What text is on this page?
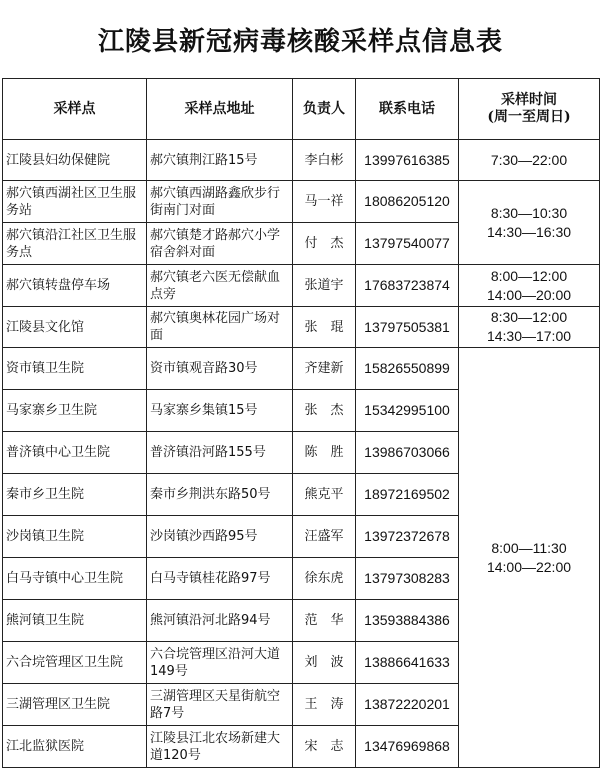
江陵县新冠病毒核酸采样点信息表
采样点	采样点地址	负责人	联系电话	采样时间
(周一至周日)

江陵县妇幼保健院	郝穴镇荆江路15号	李白彬	13997616385	7:30—22:00

郝穴镇西湖社区卫生服务站	郝穴镇西湖路鑫欣步行街南门对面	马一祥	18086205120	8:30—10:30
14:30—16:30

郝穴镇沿江社区卫生服务点	郝穴镇楚才路郝穴小学宿舍斜对面	付　杰	13797540077	
郝穴镇转盘停车场	郝穴镇老六医无偿献血点旁	张道宇	17683723874	8:00—12:00
14:00—20:00

江陵县文化馆	郝穴镇奥林花园广场对面	张　琨	13797505381	8:30—12:00
14:30—17:00

资市镇卫生院	资市镇观音路30号	齐建新	15826550899	8:00—11:30
14:00—22:00

马家寨乡卫生院	马家寨乡集镇15号	张　杰	15342995100	
普济镇中心卫生院	普济镇沿河路155号	陈　胜	13986703066	
秦市乡卫生院	秦市乡荆洪东路50号	熊克平	18972169502	
沙岗镇卫生院	沙岗镇沙西路95号	汪盛军	13972372678	
白马寺镇中心卫生院	白马寺镇桂花路97号	徐东虎	13797308283	
熊河镇卫生院	熊河镇沿河北路94号	范　华	13593884386	
六合垸管理区卫生院	六合垸管理区沿河大道149号	刘　波	13886641633	
三湖管理区卫生院	三湖管理区天星街航空路7号	王　涛	13872220201	
江北监狱医院	江陵县江北农场新建大道120号	宋　志	13476969868	
